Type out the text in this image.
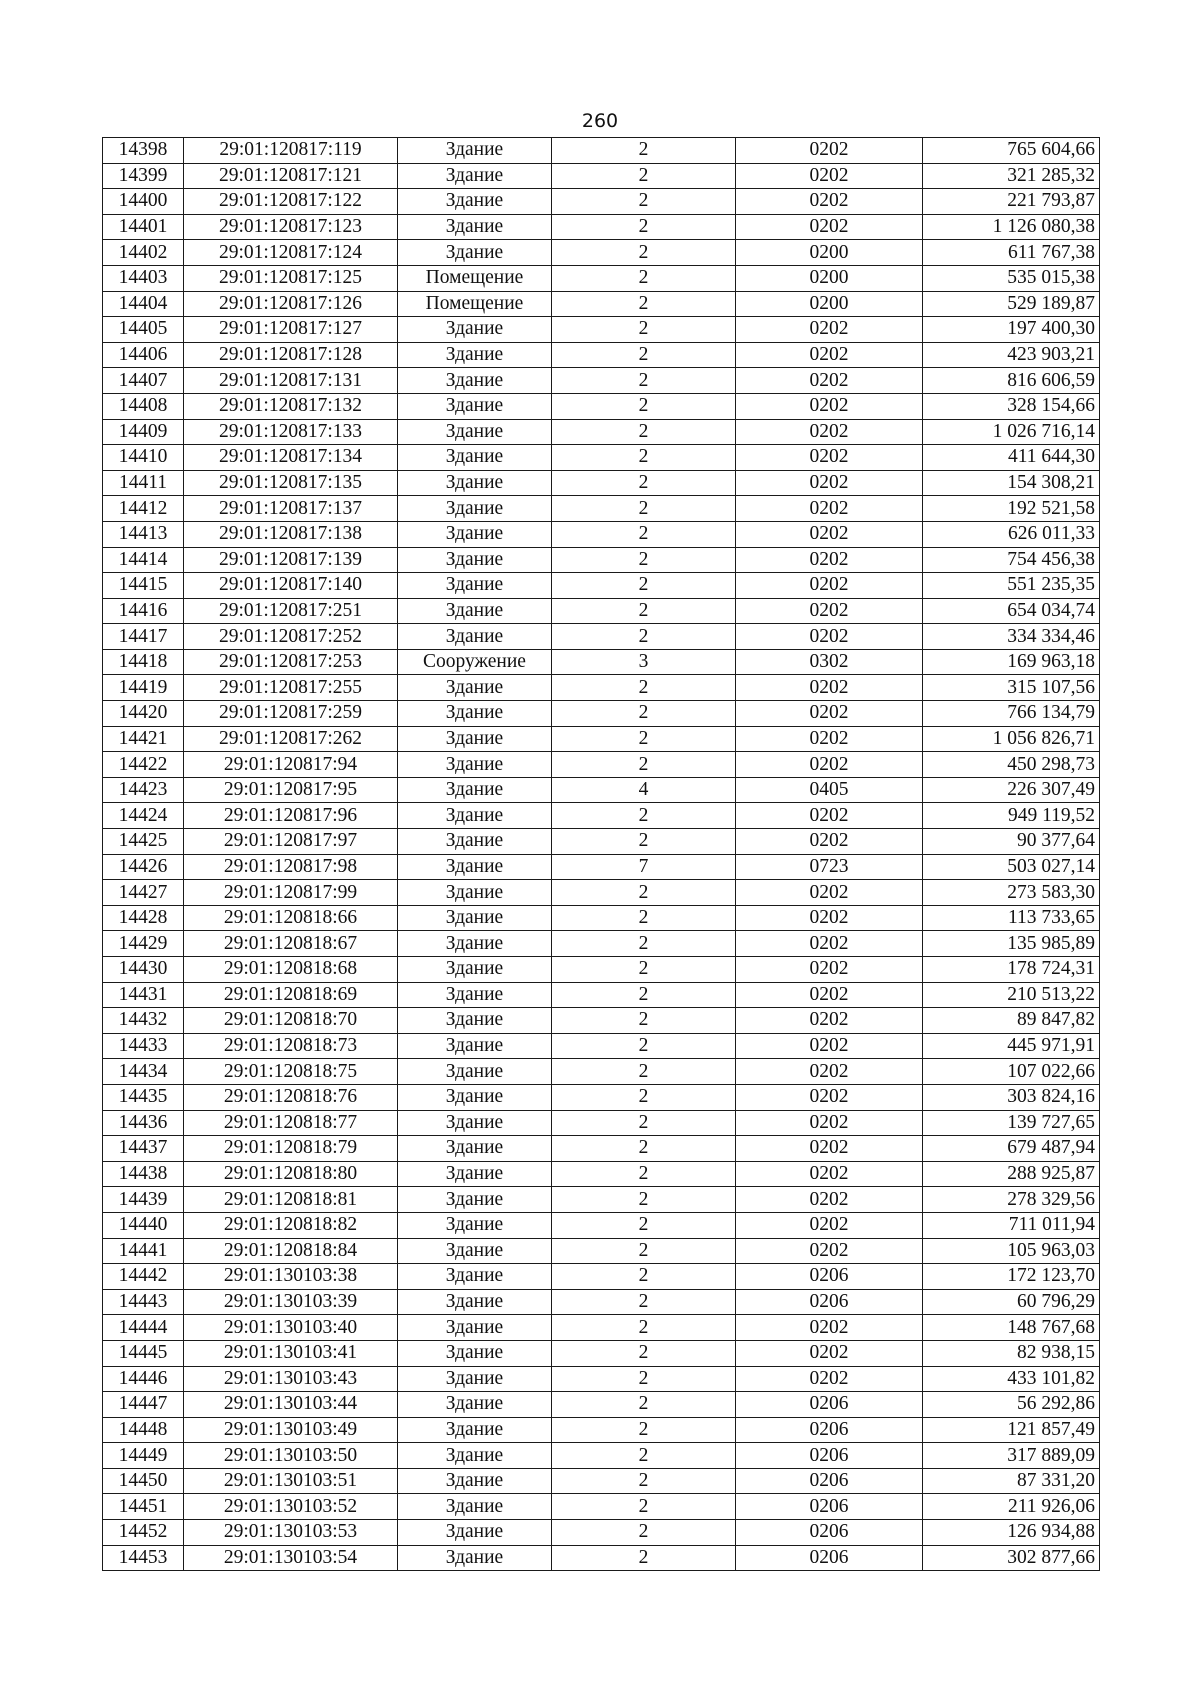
260
14398	29:01:120817:119	Здание	2	0202	765 604,66
14399	29:01:120817:121	Здание	2	0202	321 285,32
14400	29:01:120817:122	Здание	2	0202	221 793,87
14401	29:01:120817:123	Здание	2	0202	1 126 080,38
14402	29:01:120817:124	Здание	2	0200	611 767,38
14403	29:01:120817:125	Помещение	2	0200	535 015,38
14404	29:01:120817:126	Помещение	2	0200	529 189,87
14405	29:01:120817:127	Здание	2	0202	197 400,30
14406	29:01:120817:128	Здание	2	0202	423 903,21
14407	29:01:120817:131	Здание	2	0202	816 606,59
14408	29:01:120817:132	Здание	2	0202	328 154,66
14409	29:01:120817:133	Здание	2	0202	1 026 716,14
14410	29:01:120817:134	Здание	2	0202	411 644,30
14411	29:01:120817:135	Здание	2	0202	154 308,21
14412	29:01:120817:137	Здание	2	0202	192 521,58
14413	29:01:120817:138	Здание	2	0202	626 011,33
14414	29:01:120817:139	Здание	2	0202	754 456,38
14415	29:01:120817:140	Здание	2	0202	551 235,35
14416	29:01:120817:251	Здание	2	0202	654 034,74
14417	29:01:120817:252	Здание	2	0202	334 334,46
14418	29:01:120817:253	Сооружение	3	0302	169 963,18
14419	29:01:120817:255	Здание	2	0202	315 107,56
14420	29:01:120817:259	Здание	2	0202	766 134,79
14421	29:01:120817:262	Здание	2	0202	1 056 826,71
14422	29:01:120817:94	Здание	2	0202	450 298,73
14423	29:01:120817:95	Здание	4	0405	226 307,49
14424	29:01:120817:96	Здание	2	0202	949 119,52
14425	29:01:120817:97	Здание	2	0202	90 377,64
14426	29:01:120817:98	Здание	7	0723	503 027,14
14427	29:01:120817:99	Здание	2	0202	273 583,30
14428	29:01:120818:66	Здание	2	0202	113 733,65
14429	29:01:120818:67	Здание	2	0202	135 985,89
14430	29:01:120818:68	Здание	2	0202	178 724,31
14431	29:01:120818:69	Здание	2	0202	210 513,22
14432	29:01:120818:70	Здание	2	0202	89 847,82
14433	29:01:120818:73	Здание	2	0202	445 971,91
14434	29:01:120818:75	Здание	2	0202	107 022,66
14435	29:01:120818:76	Здание	2	0202	303 824,16
14436	29:01:120818:77	Здание	2	0202	139 727,65
14437	29:01:120818:79	Здание	2	0202	679 487,94
14438	29:01:120818:80	Здание	2	0202	288 925,87
14439	29:01:120818:81	Здание	2	0202	278 329,56
14440	29:01:120818:82	Здание	2	0202	711 011,94
14441	29:01:120818:84	Здание	2	0202	105 963,03
14442	29:01:130103:38	Здание	2	0206	172 123,70
14443	29:01:130103:39	Здание	2	0206	60 796,29
14444	29:01:130103:40	Здание	2	0202	148 767,68
14445	29:01:130103:41	Здание	2	0202	82 938,15
14446	29:01:130103:43	Здание	2	0202	433 101,82
14447	29:01:130103:44	Здание	2	0206	56 292,86
14448	29:01:130103:49	Здание	2	0206	121 857,49
14449	29:01:130103:50	Здание	2	0206	317 889,09
14450	29:01:130103:51	Здание	2	0206	87 331,20
14451	29:01:130103:52	Здание	2	0206	211 926,06
14452	29:01:130103:53	Здание	2	0206	126 934,88
14453	29:01:130103:54	Здание	2	0206	302 877,66
